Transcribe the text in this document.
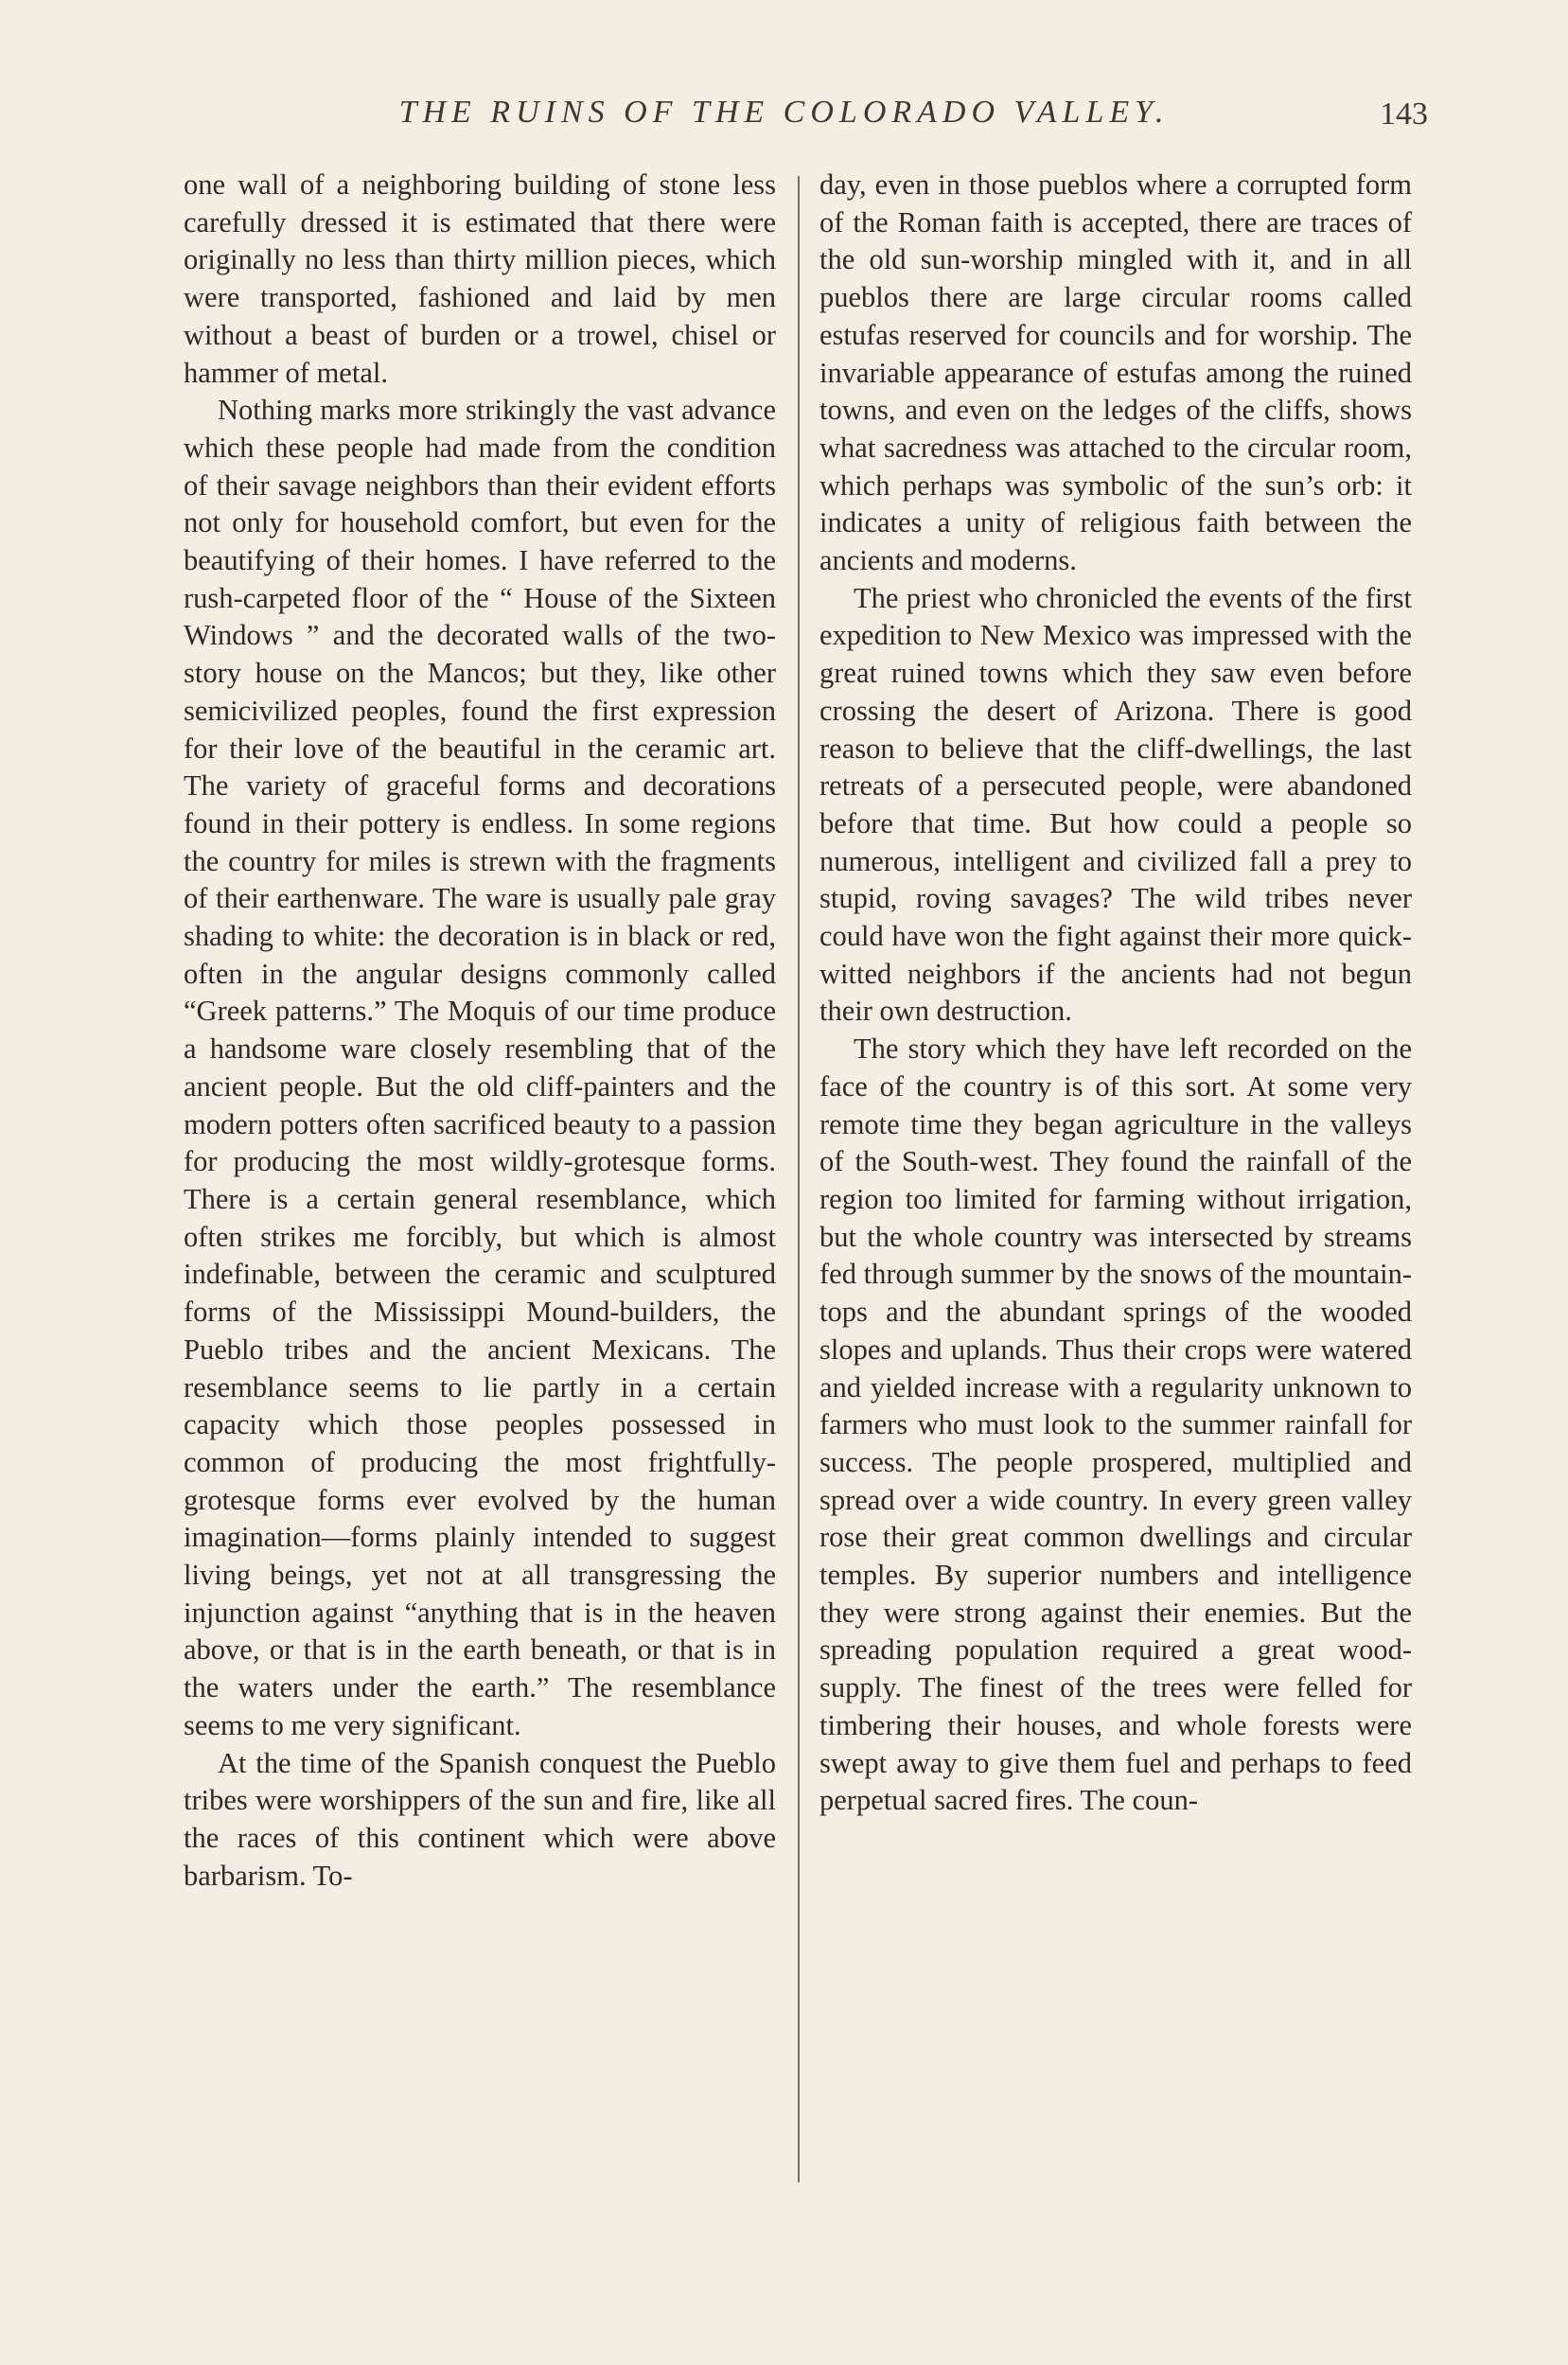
THE RUINS OF THE COLORADO VALLEY.	143

one wall of a neighboring building of stone less carefully dressed it is estimated that there were originally no less than thirty million pieces, which were transported, fashioned and laid by men without a beast of burden or a trowel, chisel or hammer of metal.

Nothing marks more strikingly the vast advance which these people had made from the condition of their savage neighbors than their evident efforts not only for household comfort, but even for the beautifying of their homes. I have referred to the rush-carpeted floor of the “ House of the Sixteen Windows ” and the decorated walls of the two-story house on the Mancos; but they, like other semicivilized peoples, found the first expression for their love of the beautiful in the ceramic art. The variety of graceful forms and decorations found in their pottery is endless. In some regions the country for miles is strewn with the fragments of their earthenware. The ware is usually pale gray shading to white: the decoration is in black or red, often in the angular designs commonly called “Greek patterns.” The Moquis of our time produce a handsome ware closely resembling that of the ancient people. But the old cliff-painters and the modern potters often sacrificed beauty to a passion for producing the most wildly-grotesque forms. There is a certain general resemblance, which often strikes me forcibly, but which is almost indefinable, between the ceramic and sculptured forms of the Mississippi Mound-builders, the Pueblo tribes and the ancient Mexicans. The resemblance seems to lie partly in a certain capacity which those peoples possessed in common of producing the most frightfully-grotesque forms ever evolved by the human imagination—forms plainly intended to suggest living beings, yet not at all transgressing the injunction against “anything that is in the heaven above, or that is in the earth beneath, or that is in the waters under the earth.” The resemblance seems to me very significant.

At the time of the Spanish conquest the Pueblo tribes were worshippers of the sun and fire, like all the races of this continent which were above barbarism. To-

day, even in those pueblos where a corrupted form of the Roman faith is accepted, there are traces of the old sun-worship mingled with it, and in all pueblos there are large circular rooms called estufas reserved for councils and for worship. The invariable appearance of estufas among the ruined towns, and even on the ledges of the cliffs, shows what sacredness was attached to the circular room, which perhaps was symbolic of the sun’s orb: it indicates a unity of religious faith between the ancients and moderns.

The priest who chronicled the events of the first expedition to New Mexico was impressed with the great ruined towns which they saw even before crossing the desert of Arizona. There is good reason to believe that the cliff-dwellings, the last retreats of a persecuted people, were abandoned before that time. But how could a people so numerous, intelligent and civilized fall a prey to stupid, roving savages? The wild tribes never could have won the fight against their more quick-witted neighbors if the ancients had not begun their own destruction.

The story which they have left recorded on the face of the country is of this sort. At some very remote time they began agriculture in the valleys of the South-west. They found the rainfall of the region too limited for farming without irrigation, but the whole country was intersected by streams fed through summer by the snows of the mountain-tops and the abundant springs of the wooded slopes and uplands. Thus their crops were watered and yielded increase with a regularity unknown to farmers who must look to the summer rainfall for success. The people prospered, multiplied and spread over a wide country. In every green valley rose their great common dwellings and circular temples. By superior numbers and intelligence they were strong against their enemies. But the spreading population required a great wood-supply. The finest of the trees were felled for timbering their houses, and whole forests were swept away to give them fuel and perhaps to feed perpetual sacred fires. The coun-
